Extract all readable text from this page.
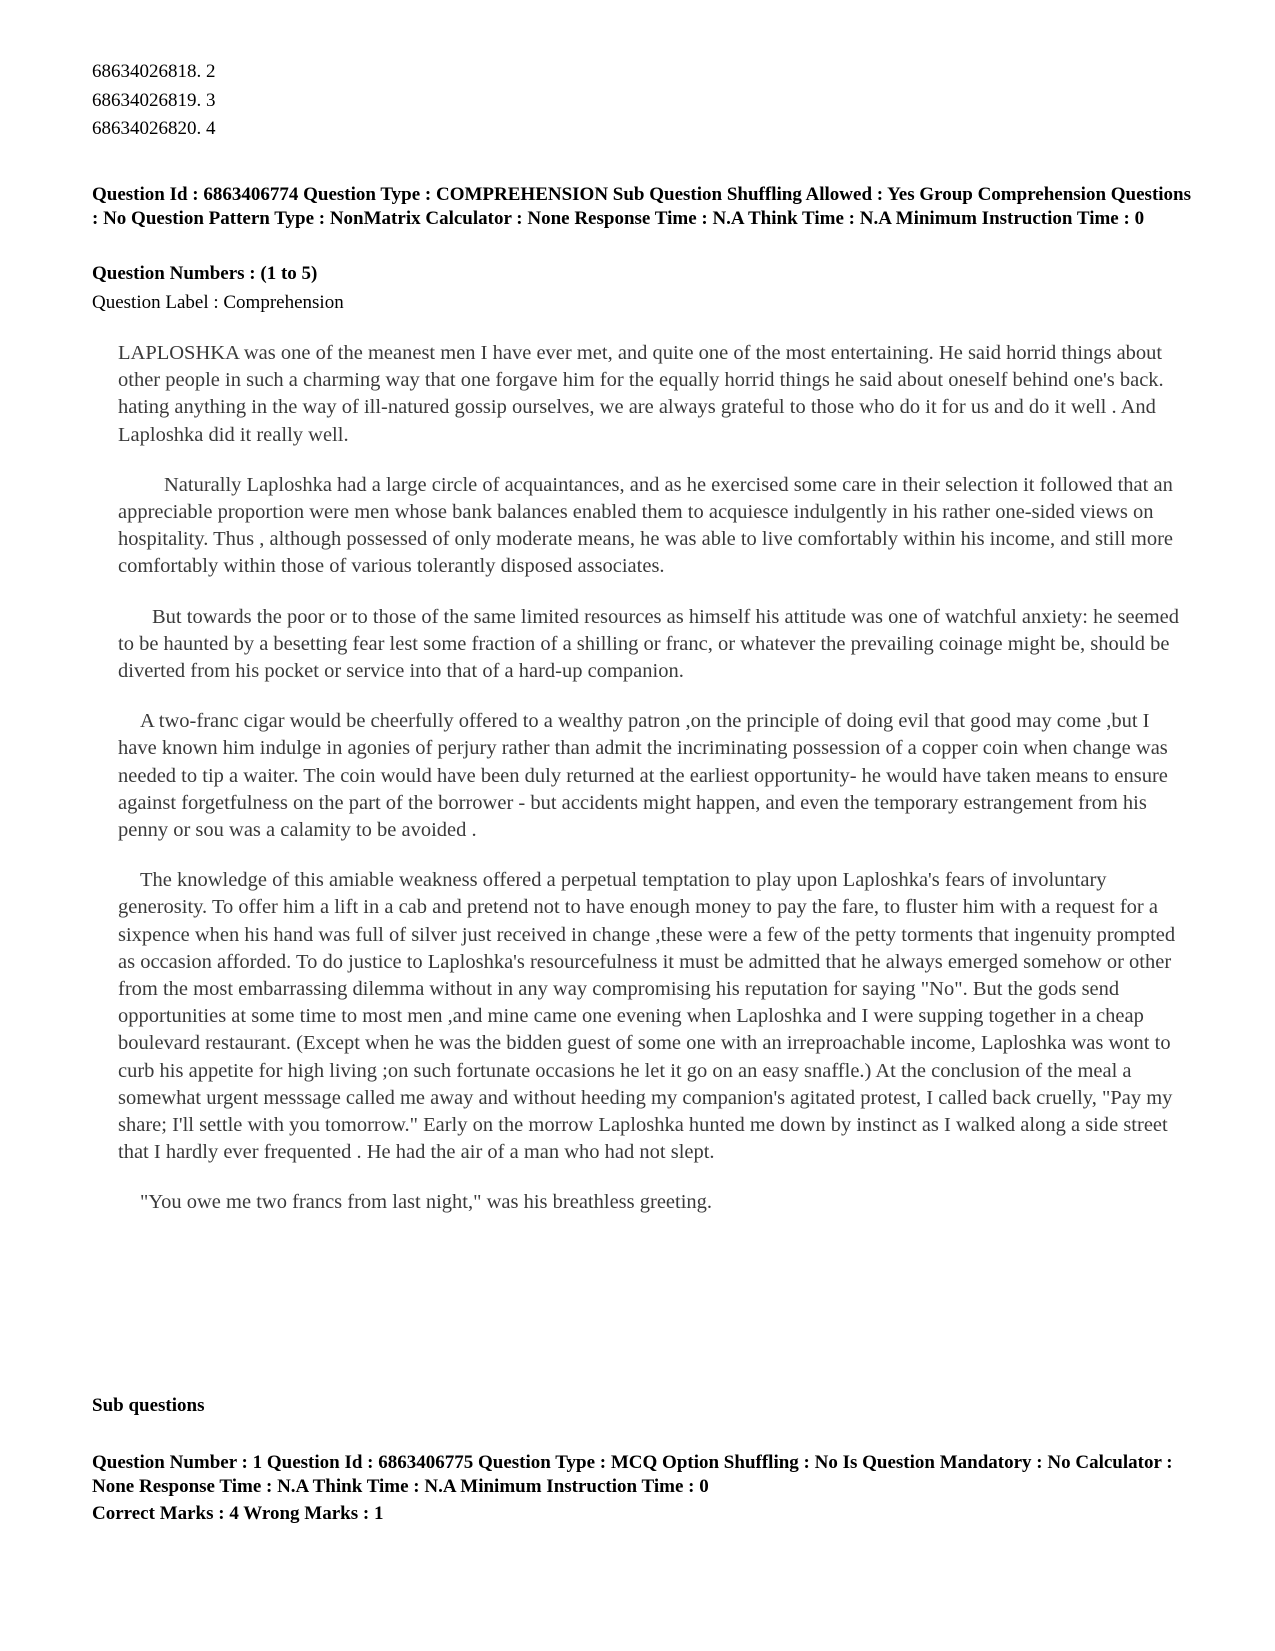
68634026818. 2
68634026819. 3
68634026820. 4
Question Id : 6863406774 Question Type : COMPREHENSION Sub Question Shuffling Allowed : Yes Group Comprehension Questions : No Question Pattern Type : NonMatrix Calculator : None Response Time : N.A Think Time : N.A Minimum Instruction Time : 0
Question Numbers : (1 to 5)
Question Label : Comprehension

LAPLOSHKA was one of the meanest men I have ever met, and quite one of the most entertaining. He said horrid things about other people in such a charming way that one forgave him for the equally horrid things he said about oneself behind one's back. hating anything in the way of ill-natured gossip ourselves, we are always grateful to those who do it for us and do it well . And Laploshka did it really well.

Naturally Laploshka had a large circle of acquaintances, and as he exercised some care in their selection it followed that an appreciable proportion were men whose bank balances enabled them to acquiesce indulgently in his rather one-sided views on hospitality. Thus , although possessed of only moderate means, he was able to live comfortably within his income, and still more comfortably within those of various tolerantly disposed associates.

But towards the poor or to those of the same limited resources as himself his attitude was one of watchful anxiety: he seemed to be haunted by a besetting fear lest some fraction of a shilling or franc, or whatever the prevailing coinage might be, should be diverted from his pocket or service into that of a hard-up companion.

A two-franc cigar would be cheerfully offered to a wealthy patron ,on the principle of doing evil that good may come ,but I have known him indulge in agonies of perjury rather than admit the incriminating possession of a copper coin when change was needed to tip a waiter. The coin would have been duly returned at the earliest opportunity- he would have taken means to ensure against forgetfulness on the part of the borrower - but accidents might happen, and even the temporary estrangement from his penny or sou was a calamity to be avoided .

The knowledge of this amiable weakness offered a perpetual temptation to play upon Laploshka's fears of involuntary generosity. To offer him a lift in a cab and pretend not to have enough money to pay the fare, to fluster him with a request for a sixpence when his hand was full of silver just received in change ,these were a few of the petty torments that ingenuity prompted as occasion afforded. To do justice to Laploshka's resourcefulness it must be admitted that he always emerged somehow or other from the most embarrassing dilemma without in any way compromising his reputation for saying "No". But the gods send opportunities at some time to most men ,and mine came one evening when Laploshka and I were supping together in a cheap boulevard restaurant. (Except when he was the bidden guest of some one with an irreproachable income, Laploshka was wont to curb his appetite for high living ;on such fortunate occasions he let it go on an easy snaffle.) At the conclusion of the meal a somewhat urgent messsage called me away and without heeding my companion's agitated protest, I called back cruelly, "Pay my share; I'll settle with you tomorrow." Early on the morrow Laploshka hunted me down by instinct as I walked along a side street that I hardly ever frequented . He had the air of a man who had not slept.

"You owe me two francs from last night," was his breathless greeting.

Sub questions
Question Number : 1 Question Id : 6863406775 Question Type : MCQ Option Shuffling : No Is Question Mandatory : No Calculator : None Response Time : N.A Think Time : N.A Minimum Instruction Time : 0
Correct Marks : 4 Wrong Marks : 1
